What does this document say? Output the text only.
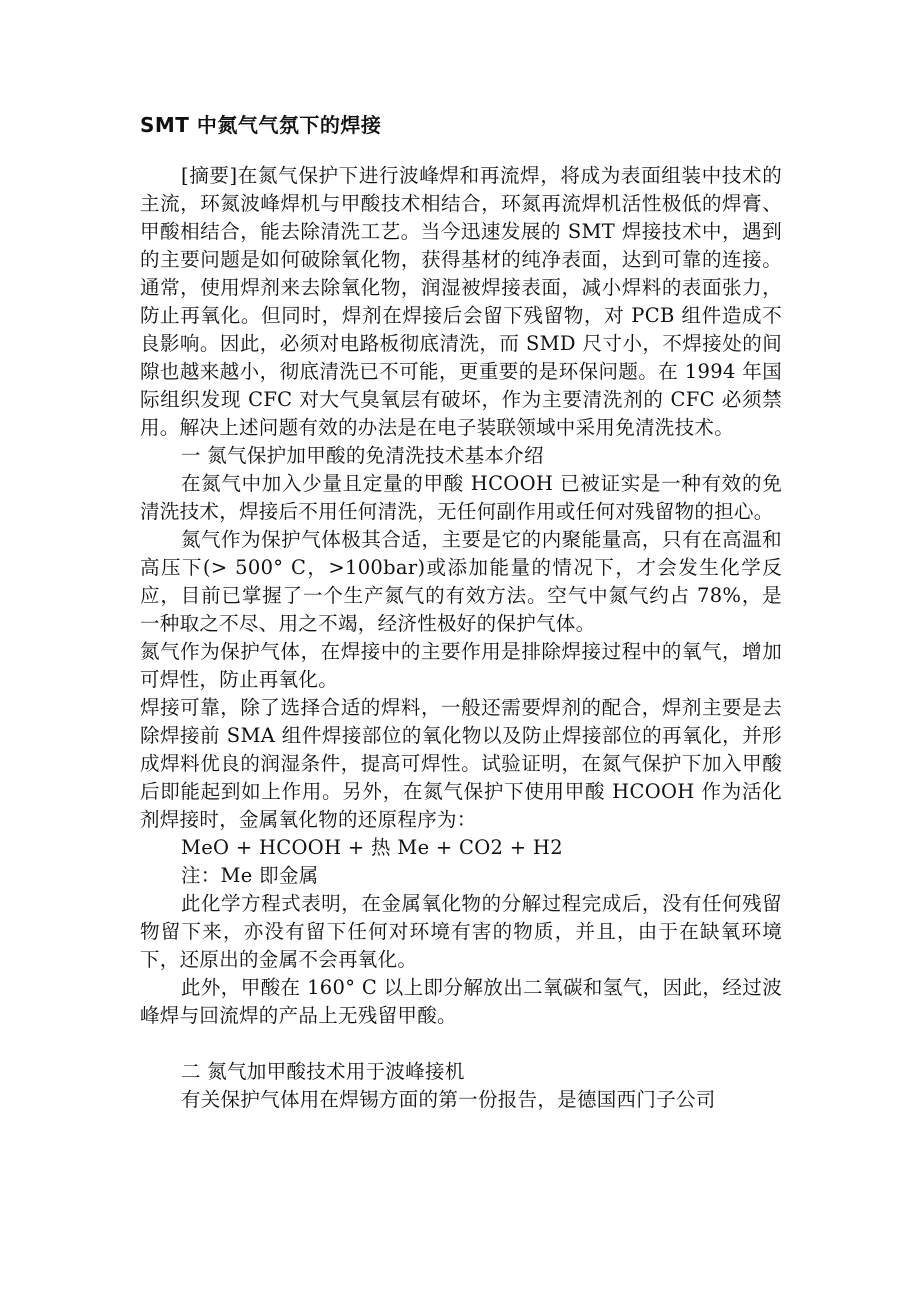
SMT 中氮气气氛下的焊接

[摘要]在氮气保护下进行波峰焊和再流焊，将成为表面组装中技术的主流，环氮波峰焊机与甲酸技术相结合，环氮再流焊机活性极低的焊膏、甲酸相结合，能去除清洗工艺。当今迅速发展的 SMT 焊接技术中，遇到的主要问题是如何破除氧化物，获得基材的纯净表面，达到可靠的连接。通常，使用焊剂来去除氧化物，润湿被焊接表面，减小焊料的表面张力，防止再氧化。但同时，焊剂在焊接后会留下残留物，对 PCB 组件造成不良影响。因此，必须对电路板彻底清洗，而 SMD 尺寸小，不焊接处的间隙也越来越小，彻底清洗已不可能，更重要的是环保问题。在 1994 年国际组织发现 CFC 对大气臭氧层有破坏，作为主要清洗剂的 CFC 必须禁用。解决上述问题有效的办法是在电子装联领域中采用免清洗技术。

一 氮气保护加甲酸的免清洗技术基本介绍

在氮气中加入少量且定量的甲酸 HCOOH 已被证实是一种有效的免清洗技术，焊接后不用任何清洗，无任何副作用或任何对残留物的担心。

氮气作为保护气体极其合适，主要是它的内聚能量高，只有在高温和高压下(> 500° C，>100bar)或添加能量的情况下，才会发生化学反应，目前已掌握了一个生产氮气的有效方法。空气中氮气约占 78%，是一种取之不尽、用之不竭，经济性极好的保护气体。

氮气作为保护气体，在焊接中的主要作用是排除焊接过程中的氧气，增加可焊性，防止再氧化。

焊接可靠，除了选择合适的焊料，一般还需要焊剂的配合，焊剂主要是去除焊接前 SMA 组件焊接部位的氧化物以及防止焊接部位的再氧化，并形成焊料优良的润湿条件，提高可焊性。试验证明，在氮气保护下加入甲酸后即能起到如上作用。另外，在氮气保护下使用甲酸 HCOOH 作为活化剂焊接时，金属氧化物的还原程序为：

MeO + HCOOH + 热 Me + CO2 + H2

注：Me 即金属

此化学方程式表明，在金属氧化物的分解过程完成后，没有任何残留物留下来，亦没有留下任何对环境有害的物质，并且，由于在缺氧环境下，还原出的金属不会再氧化。

此外，甲酸在 160° C 以上即分解放出二氧碳和氢气，因此，经过波峰焊与回流焊的产品上无残留甲酸。

二 氮气加甲酸技术用于波峰接机

有关保护气体用在焊锡方面的第一份报告，是德国西门子公司
